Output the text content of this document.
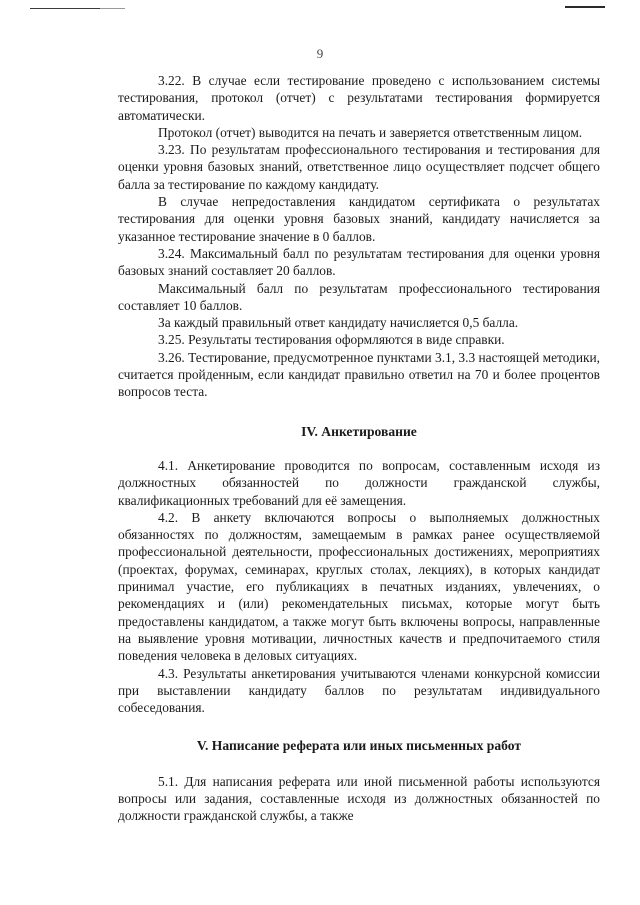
9

3.22. В случае если тестирование проведено с использованием системы тестирования, протокол (отчет) с результатами тестирования формируется автоматически.

Протокол (отчет) выводится на печать и заверяется ответственным лицом.

3.23. По результатам профессионального тестирования и тестирования для оценки уровня базовых знаний, ответственное лицо осуществляет подсчет общего балла за тестирование по каждому кандидату.

В случае непредоставления кандидатом сертификата о результатах тестирования для оценки уровня базовых знаний, кандидату начисляется за указанное тестирование значение в 0 баллов.

3.24. Максимальный балл по результатам тестирования для оценки уровня базовых знаний составляет 20 баллов.

Максимальный балл по результатам профессионального тестирования составляет 10 баллов.

За каждый правильный ответ кандидату начисляется 0,5 балла.

3.25. Результаты тестирования оформляются в виде справки.

3.26. Тестирование, предусмотренное пунктами 3.1, 3.3 настоящей методики, считается пройденным, если кандидат правильно ответил на 70 и более процентов вопросов теста.

IV. Анкетирование

4.1. Анкетирование проводится по вопросам, составленным исходя из должностных обязанностей по должности гражданской службы, квалификационных требований для её замещения.

4.2. В анкету включаются вопросы о выполняемых должностных обязанностях по должностям, замещаемым в рамках ранее осуществляемой профессиональной деятельности, профессиональных достижениях, мероприятиях (проектах, форумах, семинарах, круглых столах, лекциях), в которых кандидат принимал участие, его публикациях в печатных изданиях, увлечениях, о рекомендациях и (или) рекомендательных письмах, которые могут быть предоставлены кандидатом, а также могут быть включены вопросы, направленные на выявление уровня мотивации, личностных качеств и предпочитаемого стиля поведения человека в деловых ситуациях.

4.3. Результаты анкетирования учитываются членами конкурсной комиссии при выставлении кандидату баллов по результатам индивидуального собеседования.

V. Написание реферата или иных письменных работ

5.1. Для написания реферата или иной письменной работы используются вопросы или задания, составленные исходя из должностных обязанностей по должности гражданской службы, а также
